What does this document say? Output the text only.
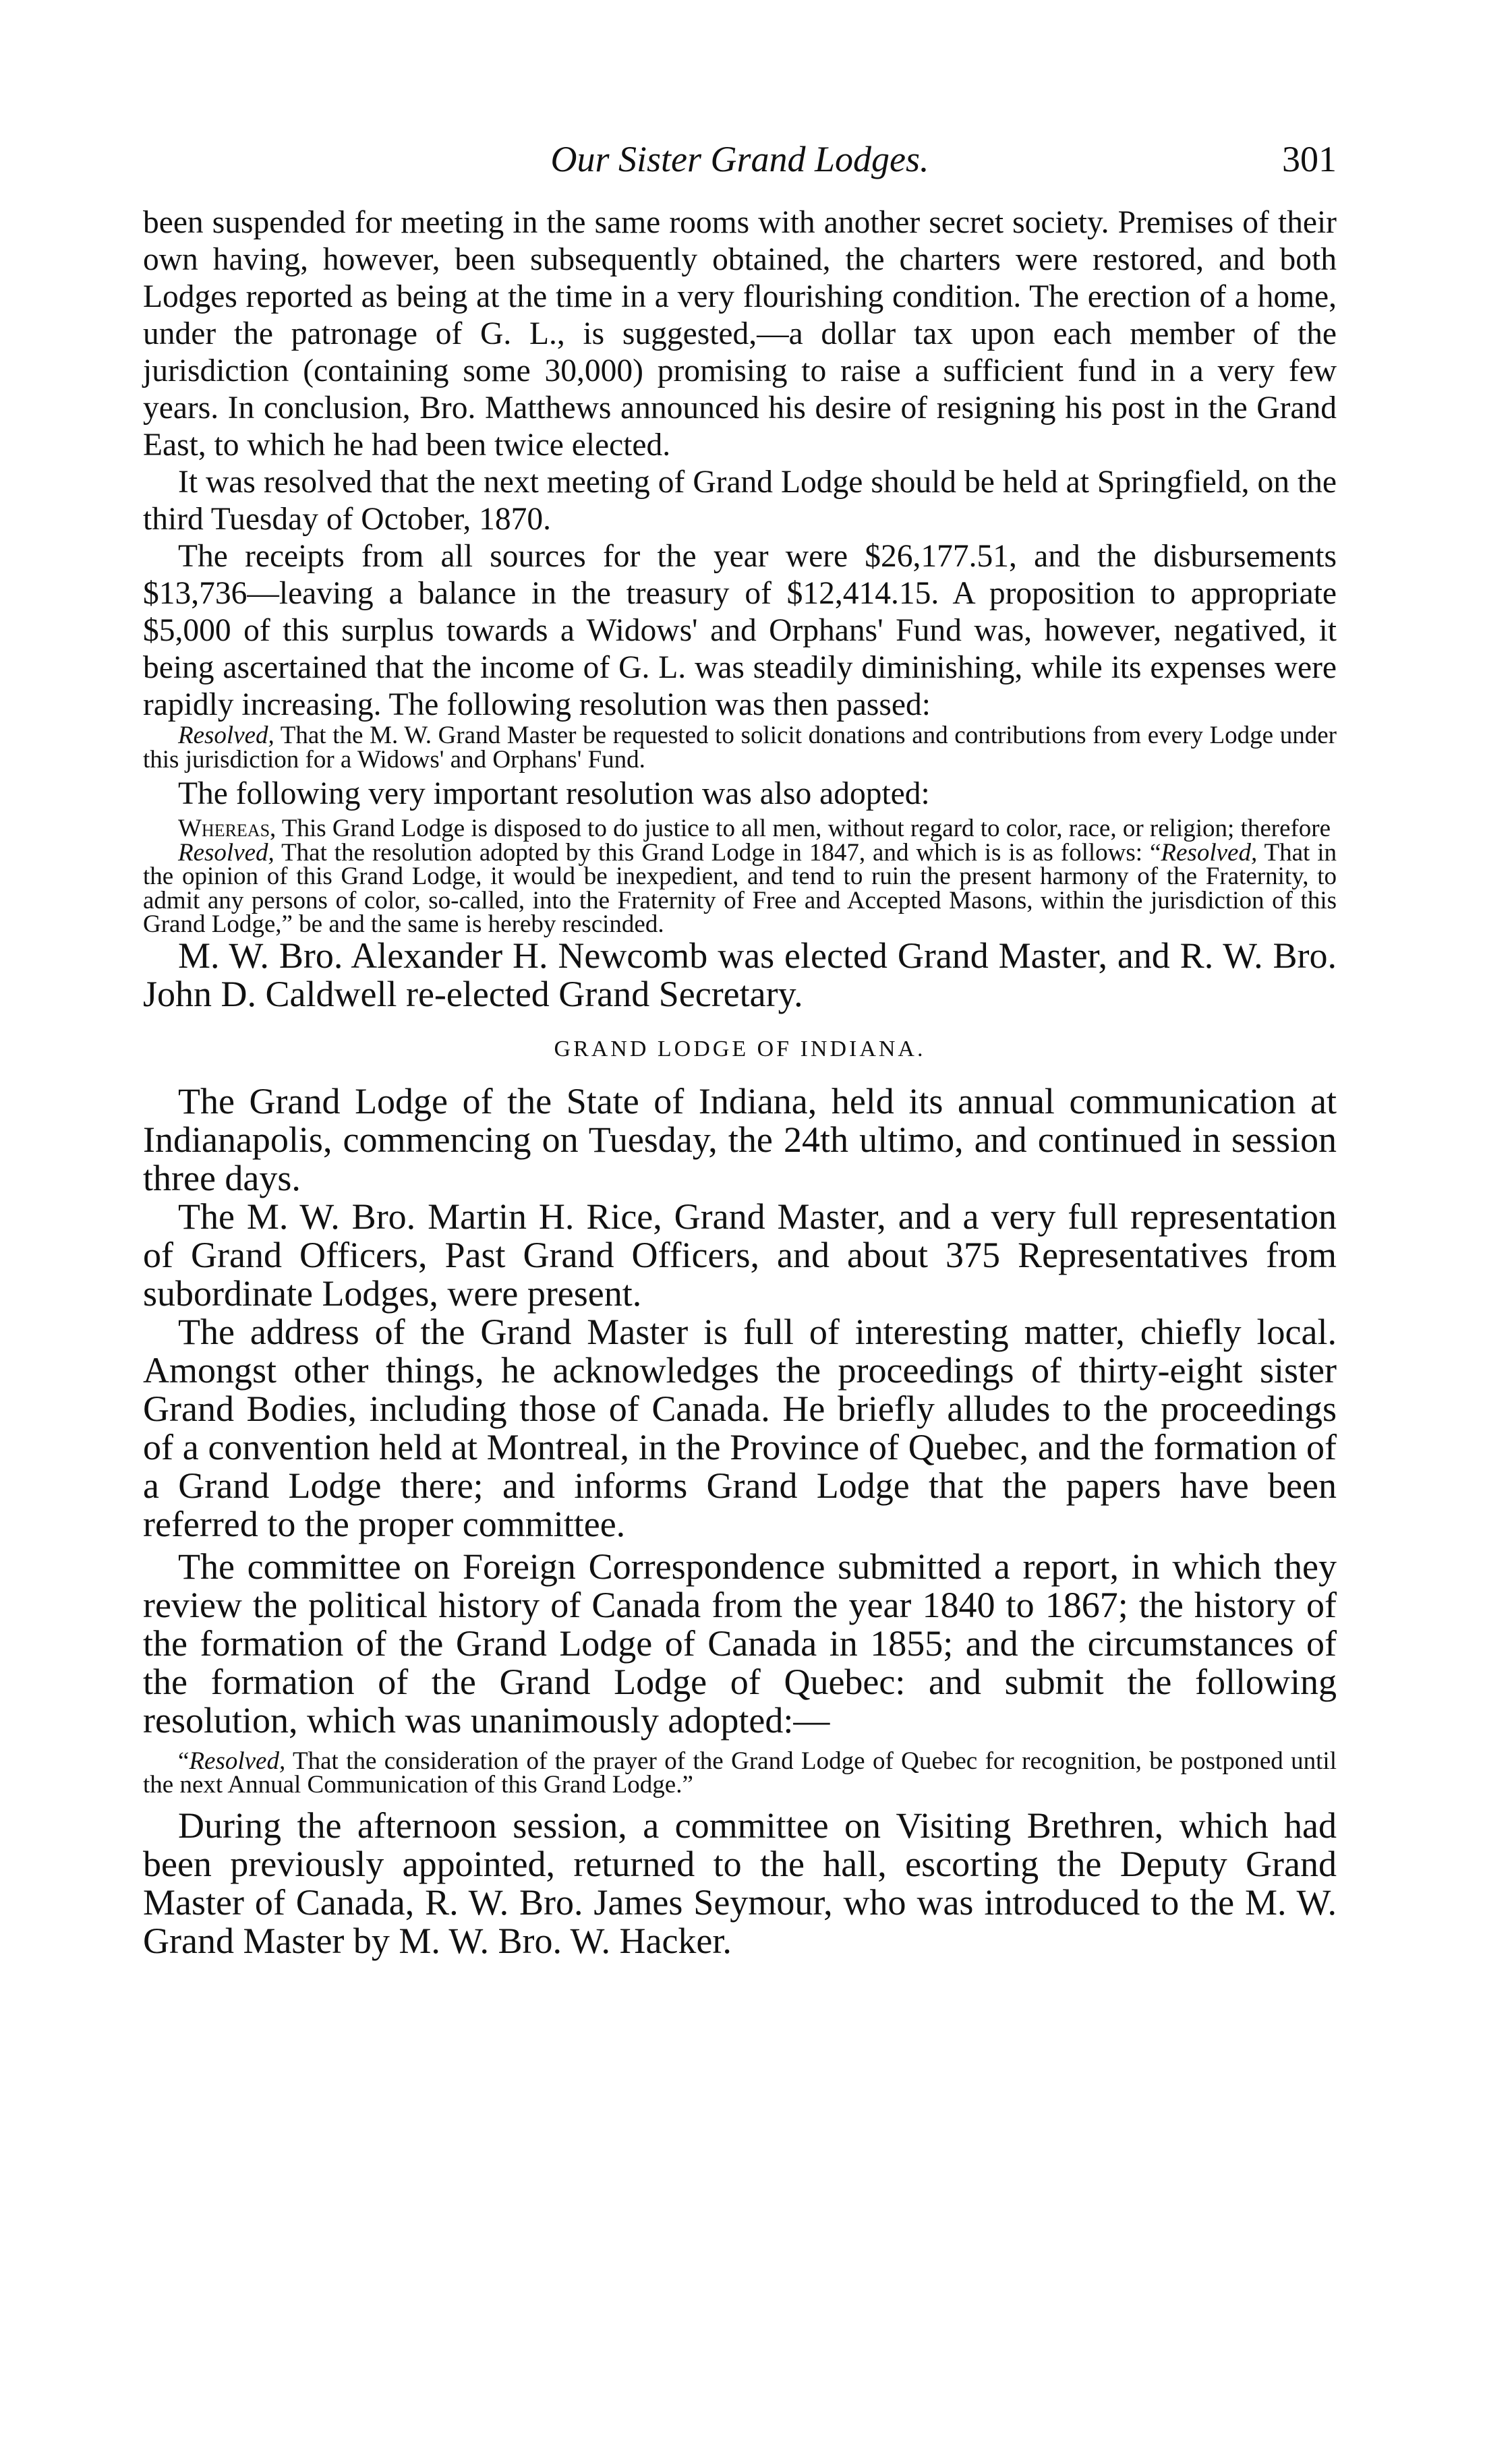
Our Sister Grand Lodges.	301

been suspended for meeting in the same rooms with another secret society. Premises of their own having, however, been subsequently obtained, the charters were restored, and both Lodges reported as being at the time in a very flourishing condition. The erection of a home, under the patronage of G. L., is suggested,—a dollar tax upon each member of the jurisdiction (containing some 30,000) promising to raise a sufficient fund in a very few years. In conclusion, Bro. Matthews announced his desire of resigning his post in the Grand East, to which he had been twice elected.

It was resolved that the next meeting of Grand Lodge should be held at Springfield, on the third Tuesday of October, 1870.

The receipts from all sources for the year were $26,177.51, and the disbursements $13,736—leaving a balance in the treasury of $12,414.15. A proposition to appropriate $5,000 of this surplus towards a Widows' and Orphans' Fund was, however, negatived, it being ascertained that the income of G. L. was steadily diminishing, while its expenses were rapidly increasing. The following resolution was then passed:

Resolved, That the M. W. Grand Master be requested to solicit donations and contributions from every Lodge under this jurisdiction for a Widows' and Orphans' Fund.

The following very important resolution was also adopted:

Whereas, This Grand Lodge is disposed to do justice to all men, without regard to color, race, or religion; therefore

Resolved, That the resolution adopted by this Grand Lodge in 1847, and which is is as follows: “Resolved, That in the opinion of this Grand Lodge, it would be inexpedient, and tend to ruin the present harmony of the Fraternity, to admit any persons of color, so-called, into the Fraternity of Free and Accepted Masons, within the jurisdiction of this Grand Lodge,” be and the same is hereby rescinded.

M. W. Bro. Alexander H. Newcomb was elected Grand Master, and R. W. Bro. John D. Caldwell re-elected Grand Secretary.

GRAND LODGE OF INDIANA.

The Grand Lodge of the State of Indiana, held its annual communication at Indianapolis, commencing on Tuesday, the 24th ultimo, and continued in session three days.

The M. W. Bro. Martin H. Rice, Grand Master, and a very full representation of Grand Officers, Past Grand Officers, and about 375 Representatives from subordinate Lodges, were present.

The address of the Grand Master is full of interesting matter, chiefly local. Amongst other things, he acknowledges the proceedings of thirty-eight sister Grand Bodies, including those of Canada. He briefly alludes to the proceedings of a convention held at Montreal, in the Province of Quebec, and the formation of a Grand Lodge there; and informs Grand Lodge that the papers have been referred to the proper committee.

The committee on Foreign Correspondence submitted a report, in which they review the political history of Canada from the year 1840 to 1867; the history of the formation of the Grand Lodge of Canada in 1855; and the circumstances of the formation of the Grand Lodge of Quebec: and submit the following resolution, which was unanimously adopted:—

“Resolved, That the consideration of the prayer of the Grand Lodge of Quebec for recognition, be postponed until the next Annual Communication of this Grand Lodge.”

During the afternoon session, a committee on Visiting Brethren, which had been previously appointed, returned to the hall, escorting the Deputy Grand Master of Canada, R. W. Bro. James Seymour, who was introduced to the M. W. Grand Master by M. W. Bro. W. Hacker.
